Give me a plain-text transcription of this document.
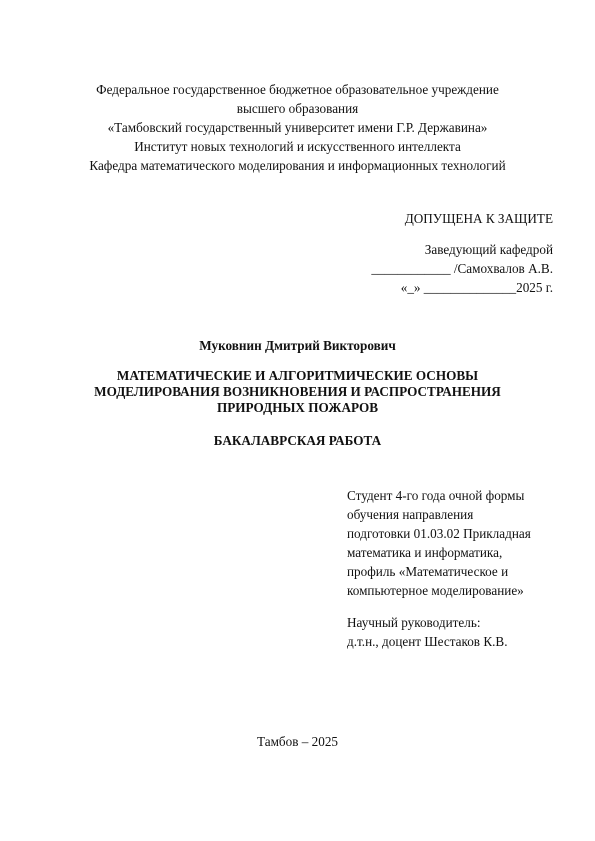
Федеральное государственное бюджетное образовательное учреждение
высшего образования
«Тамбовский государственный университет имени Г.Р. Державина»
Институт новых технологий и искусственного интеллекта
Кафедра математического моделирования и информационных технологий
ДОПУЩЕНА К ЗАЩИТЕ
Заведующий кафедрой
____________ /Самохвалов А.В.
«_» ______________2025 г.
Муковнин Дмитрий Викторович
МАТЕМАТИЧЕСКИЕ И АЛГОРИТМИЧЕСКИЕ ОСНОВЫ
МОДЕЛИРОВАНИЯ ВОЗНИКНОВЕНИЯ И РАСПРОСТРАНЕНИЯ
ПРИРОДНЫХ ПОЖАРОВ
БАКАЛАВРСКАЯ РАБОТА
Студент 4-го года очной формы
обучения направления
подготовки 01.03.02 Прикладная
математика и информатика,
профиль «Математическое и
компьютерное моделирование»
Научный руководитель:
д.т.н., доцент Шестаков К.В.
Тамбов – 2025
